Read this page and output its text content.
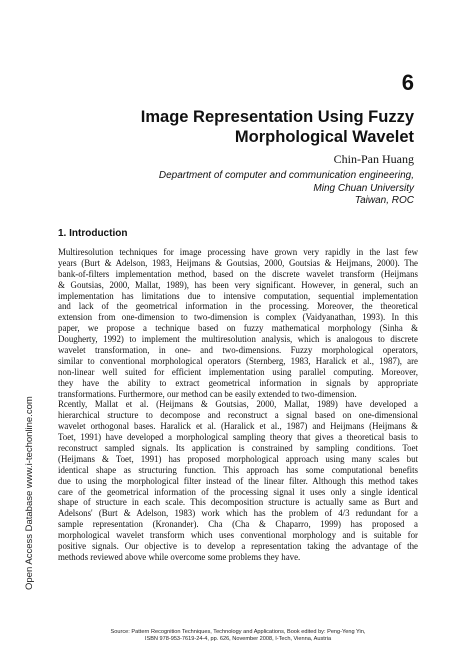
6
Image Representation Using Fuzzy
Morphological Wavelet
Chin-Pan Huang
Department of computer and communication engineering,
Ming Chuan University
Taiwan, ROC
1. Introduction
Multiresolution techniques for image processing have grown very rapidly in the last few
years (Burt & Adelson, 1983, Heijmans & Goutsias, 2000, Goutsias & Heijmans, 2000). The
bank-of-filters implementation method, based on the discrete wavelet transform (Heijmans
& Goutsias, 2000, Mallat, 1989), has been very significant. However, in general, such an
implementation has limitations due to intensive computation, sequential implementation
and lack of the geometrical information in the processing. Moreover, the theoretical
extension from one-dimension to two-dimension is complex (Vaidyanathan, 1993). In this
paper, we propose a technique based on fuzzy mathematical morphology (Sinha &
Dougherty, 1992) to implement the multiresolution analysis, which is analogous to discrete
wavelet transformation, in one- and two-dimensions. Fuzzy morphological operators,
similar to conventional morphological operators (Sternberg, 1983, Haralick et al., 1987), are
non-linear well suited for efficient implementation using parallel computing. Moreover,
they have the ability to extract geometrical information in signals by appropriate
transformations. Furthermore, our method can be easily extended to two-dimension.
Rcently, Mallat et al. (Heijmans & Goutsias, 2000, Mallat, 1989) have developed a
hierarchical structure to decompose and reconstruct a signal based on one-dimensional
wavelet orthogonal bases. Haralick et al. (Haralick et al., 1987) and Heijmans (Heijmans &
Toet, 1991) have developed a morphological sampling theory that gives a theoretical basis to
reconstruct sampled signals. Its application is constrained by sampling conditions. Toet
(Heijmans & Toet, 1991) has proposed morphological approach using many scales but
identical shape as structuring function. This approach has some computational benefits
due to using the morphological filter instead of the linear filter. Although this method takes
care of the geometrical information of the processing signal it uses only a single identical
shape of structure in each scale. This decomposition structure is actually same as Burt and
Adelsons' (Burt & Adelson, 1983) work which has the problem of 4/3 redundant for a
sample representation (Kronander). Cha (Cha & Chaparro, 1999) has proposed a
morphological wavelet transform which uses conventional morphology and is suitable for
positive signals. Our objective is to develop a representation taking the advantage of the
methods reviewed above while overcome some problems they have.
Open Access Database www.i-techonline.com
Source: Pattern Recognition Techniques, Technology and Applications, Book edited by: Peng-Yeng Yin,
ISBN 978-953-7619-24-4, pp. 626, November 2008, I-Tech, Vienna, Austria
